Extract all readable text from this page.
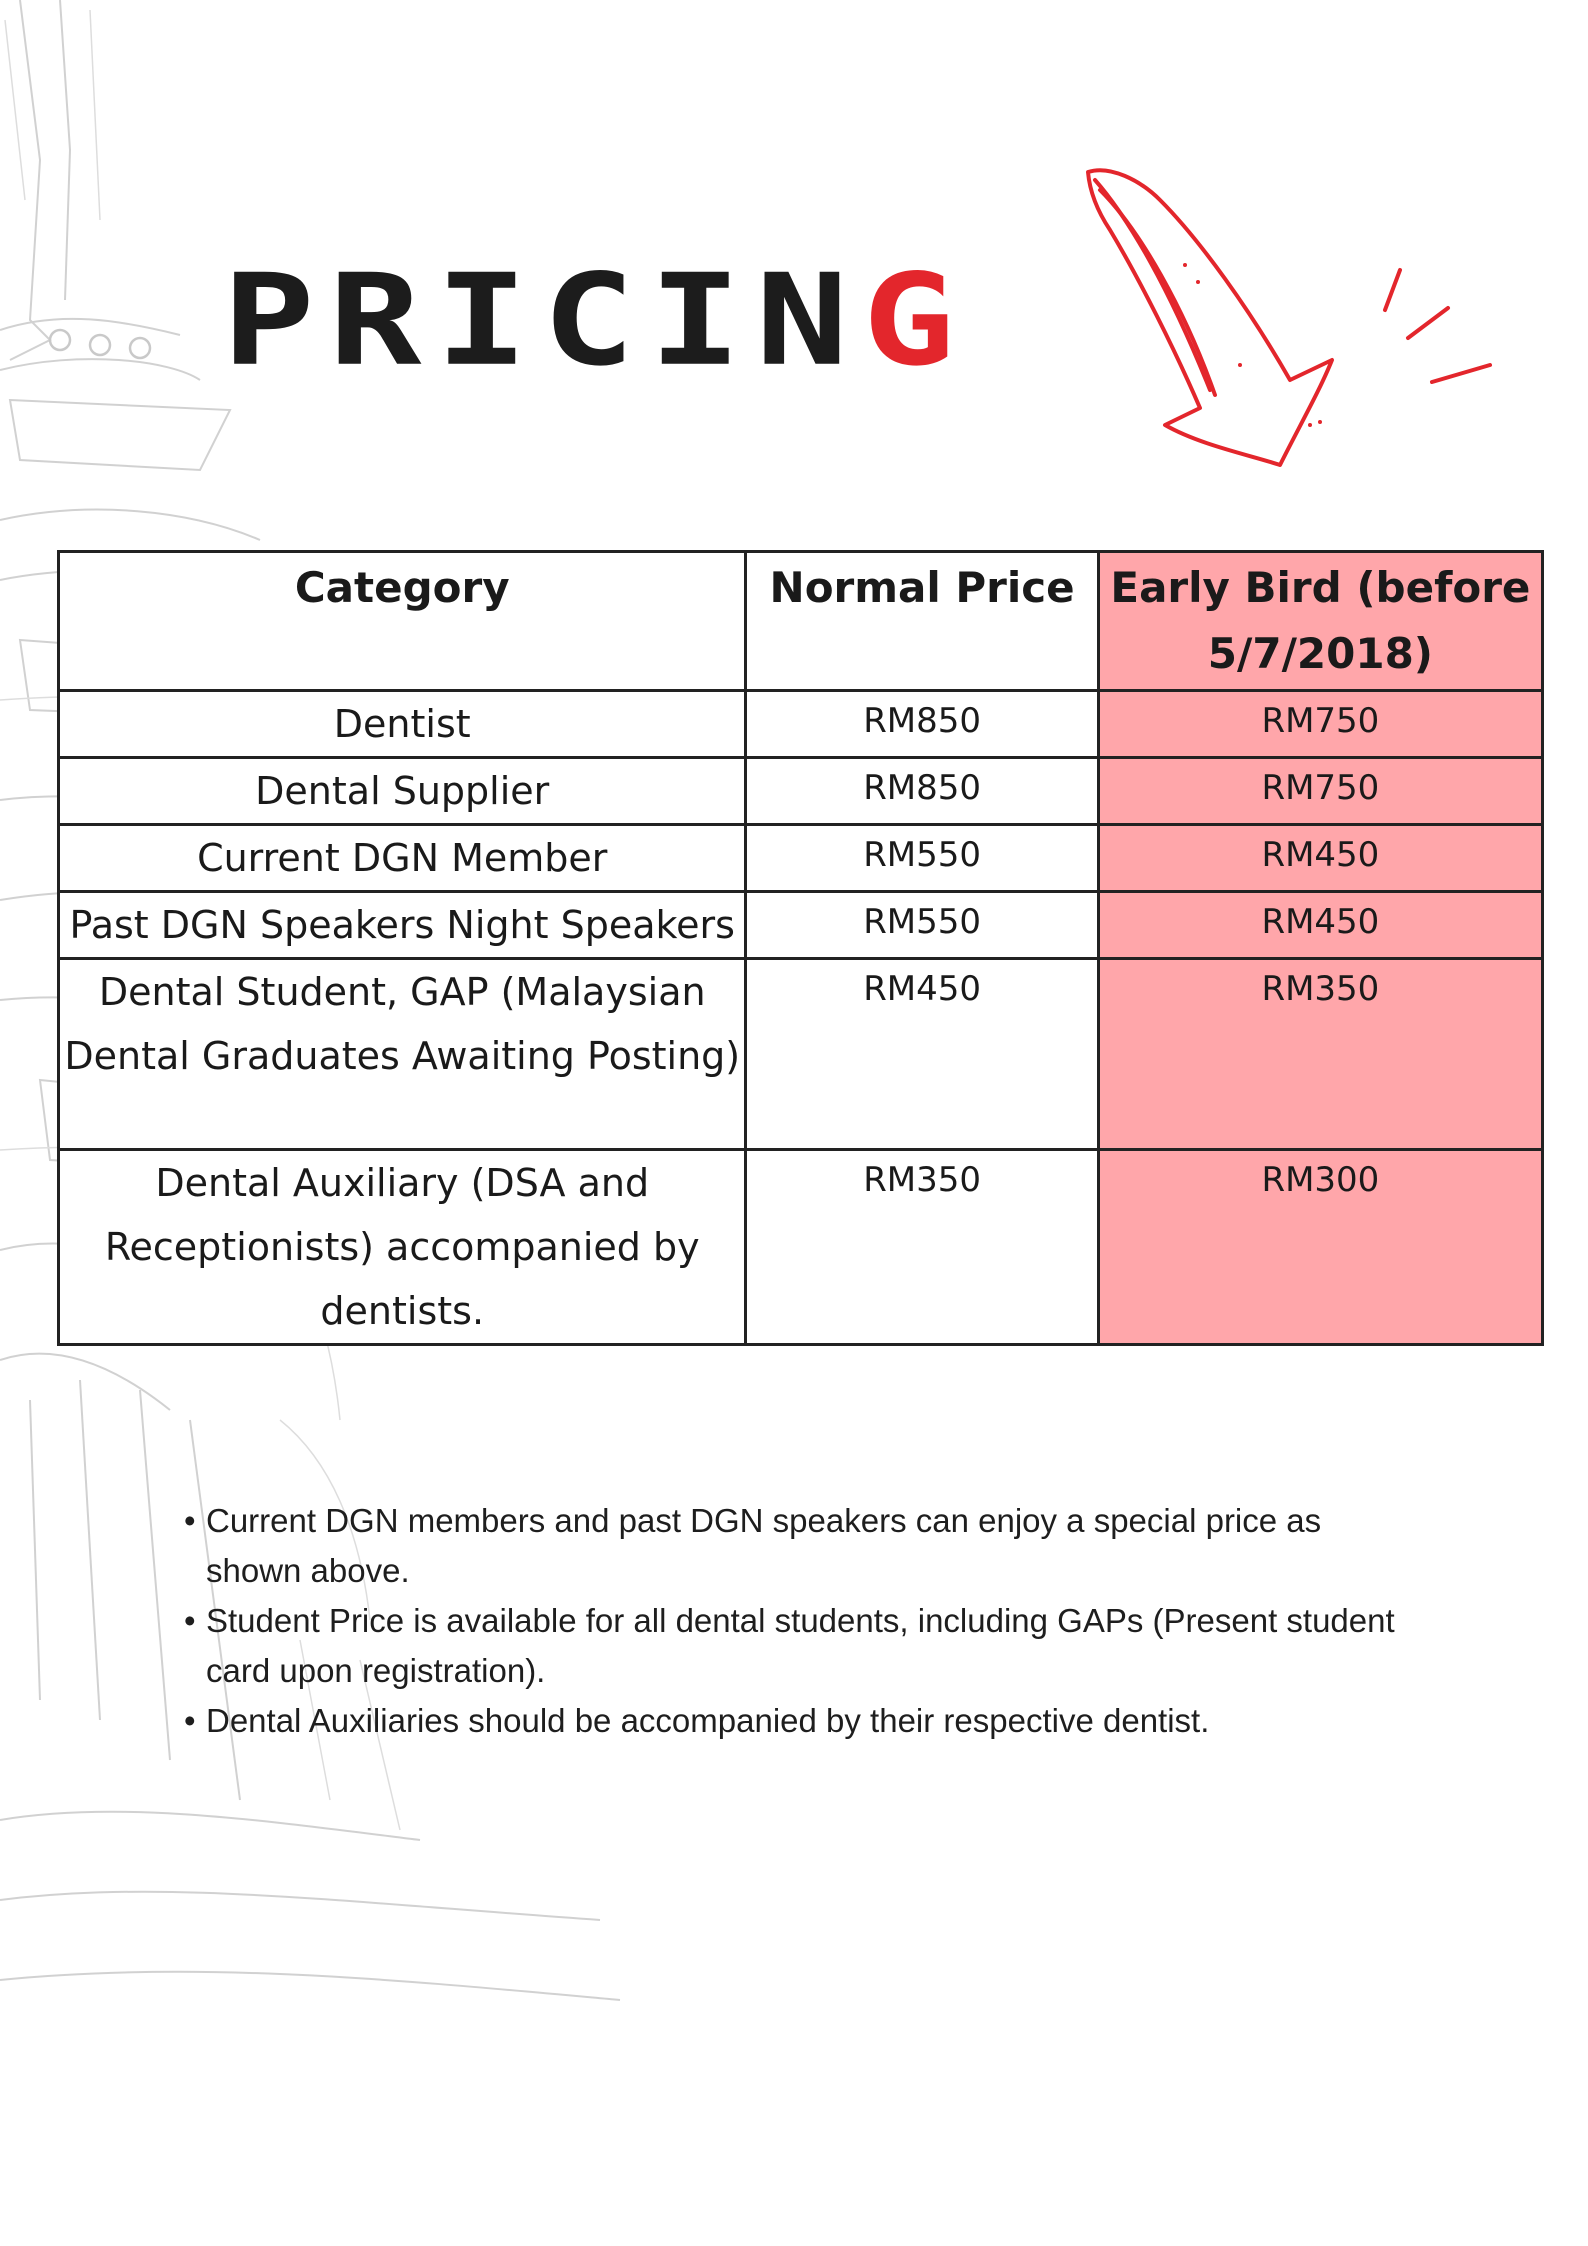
PRICING
Category	Normal Price	Early Bird (before 5/7/2018)
Dentist	RM850	RM750
Dental Supplier	RM850	RM750
Current DGN Member	RM550	RM450
Past DGN Speakers Night Speakers	RM550	RM450
Dental Student, GAP (Malaysian Dental Graduates Awaiting Posting)	RM450	RM350
Dental Auxiliary (DSA and Receptionists) accompanied by dentists.	RM350	RM300
• Current DGN members and past DGN speakers can enjoy a special price as shown above.
• Student Price is available for all dental students, including GAPs (Present student card upon registration).
• Dental Auxiliaries should be accompanied by their respective dentist.
